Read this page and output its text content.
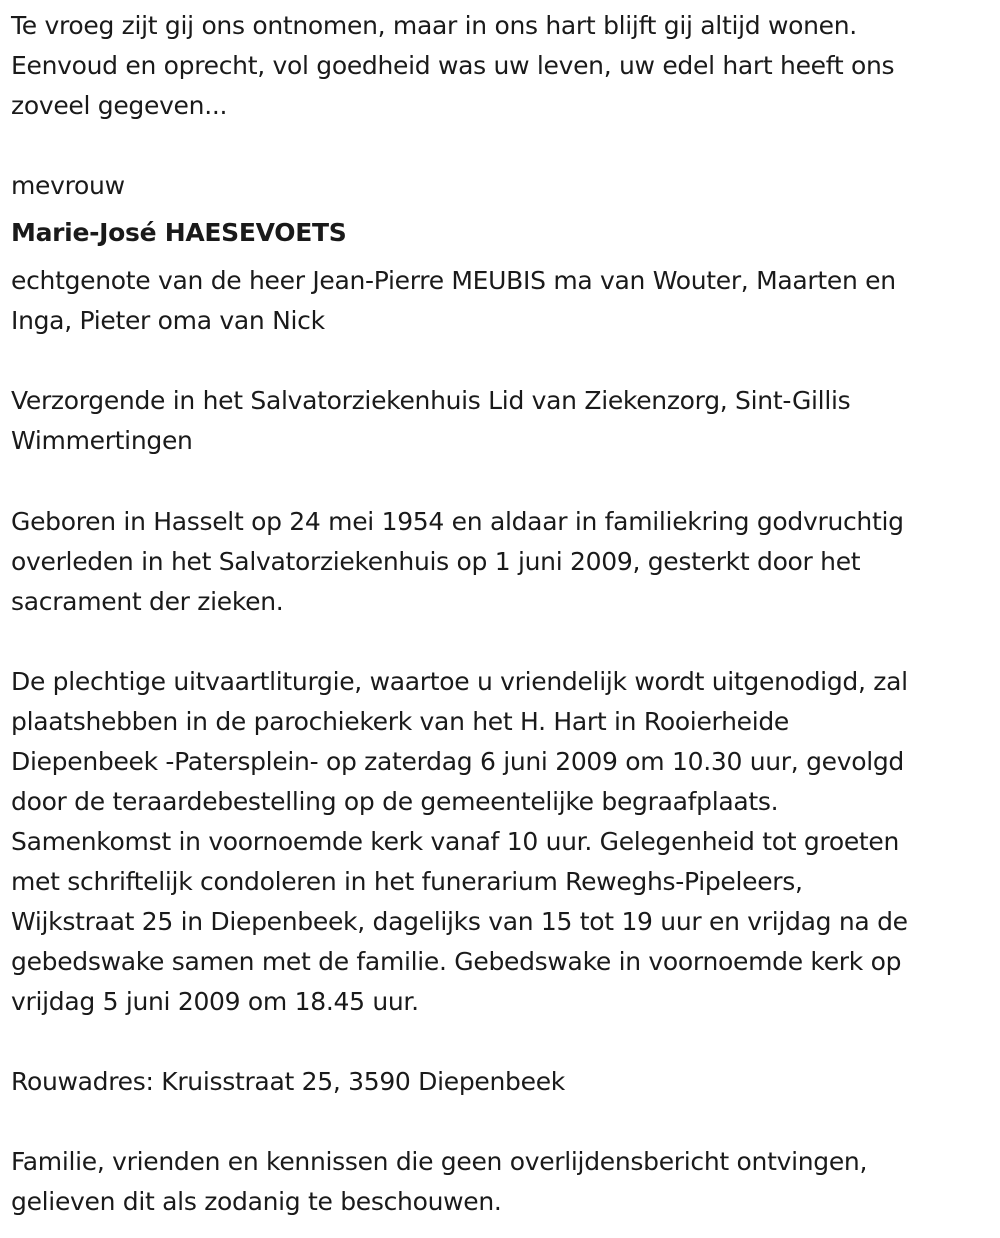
Te vroeg zijt gij ons ontnomen, maar in ons hart blijft gij altijd wonen.
Eenvoud en oprecht, vol goedheid was uw leven, uw edel hart heeft ons
zoveel gegeven...

mevrouw

Marie-José HAESEVOETS

echtgenote van de heer Jean-Pierre MEUBIS ma van Wouter, Maarten en
Inga, Pieter oma van Nick

Verzorgende in het Salvatorziekenhuis Lid van Ziekenzorg, Sint-Gillis
Wimmertingen

Geboren in Hasselt op 24 mei 1954 en aldaar in familiekring godvruchtig
overleden in het Salvatorziekenhuis op 1 juni 2009, gesterkt door het
sacrament der zieken.

De plechtige uitvaartliturgie, waartoe u vriendelijk wordt uitgenodigd, zal
plaatshebben in de parochiekerk van het H. Hart in Rooierheide
Diepenbeek -Patersplein- op zaterdag 6 juni 2009 om 10.30 uur, gevolgd
door de teraardebestelling op de gemeentelijke begraafplaats.
Samenkomst in voornoemde kerk vanaf 10 uur. Gelegenheid tot groeten
met schriftelijk condoleren in het funerarium Reweghs-Pipeleers,
Wijkstraat 25 in Diepenbeek, dagelijks van 15 tot 19 uur en vrijdag na de
gebedswake samen met de familie. Gebedswake in voornoemde kerk op
vrijdag 5 juni 2009 om 18.45 uur.

Rouwadres: Kruisstraat 25, 3590 Diepenbeek

Familie, vrienden en kennissen die geen overlijdensbericht ontvingen,
gelieven dit als zodanig te beschouwen.
